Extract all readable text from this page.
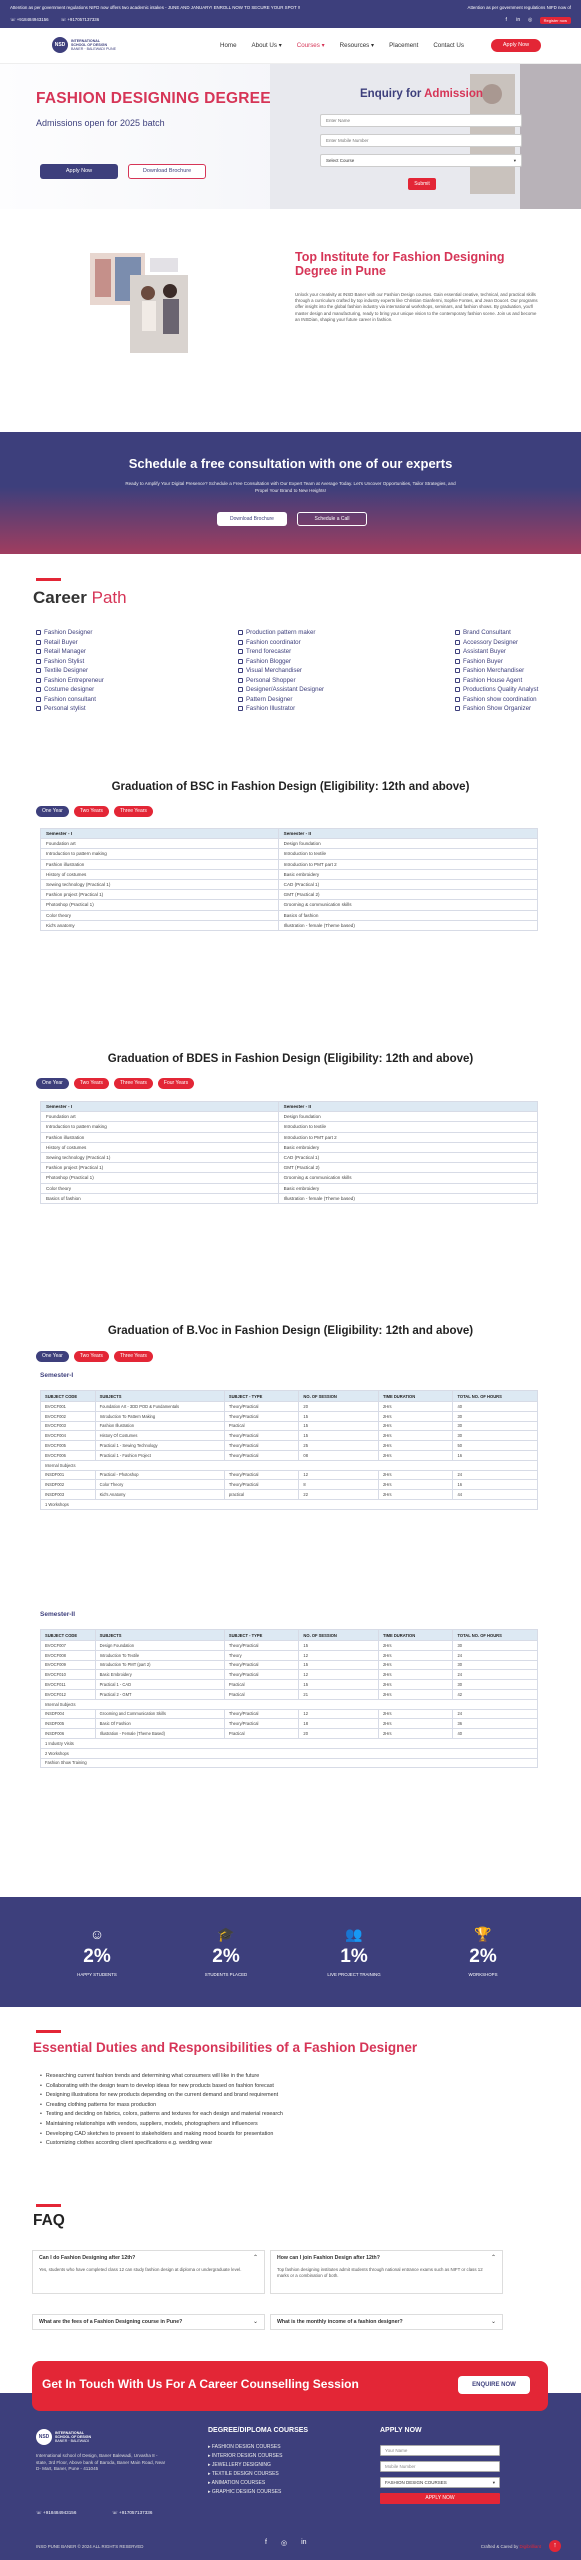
Attention as per government regulations NIFD now offers two academic intakes - JUNE AND JANUARY! ENROLL NOW TO SECURE YOUR SPOT !!	Attention as per government regulations NIFD now of
☏ +918484943156	☏ +917057137336	f	in	◎	Register now
NSD
INTERNATIONAL
SCHOOL OF DESIGN
BANER · BALEWADI PUNE
Home About Us ▾ Courses ▾ Resources ▾ Placement Contact Us	Apply Now
FASHION DESIGNING DEGREE
Admissions open for 2025 batch
Apply Now	Download Brochure
Enquiry for Admission
Enter Name
Enter Mobile Number
Select Course	▾
Submit
Top Institute for Fashion Designing Degree in Pune

Unlock your creativity at INSD Baner with our Fashion Design courses. Gain essential creative, technical, and practical skills through a curriculum crafted by top industry experts like Christian Gianfermi, Sophie Fontes, and Jean Doucet. Our programs offer insight into the global fashion industry via international workshops, seminars, and fashion shows. By graduation, you'll master design and manufacturing, ready to bring your unique vision to the contemporary fashion scene. Join us and become an INSDian, shaping your future career in fashion.

Schedule a free consultation with one of our experts

Ready to Amplify Your Digital Presence? Schedule a Free Consultation with Our Expert Team at Average Today. Let's Uncover Opportunities, Tailor Strategies, and Propel Your Brand to New Heights!

Download Brochure	Schedule a Call
Career Path
Fashion Designer
Retail Buyer
Retail Manager
Fashion Stylist
Textile Designer
Fashion Entrepreneur
Costume designer
Fashion consultant
Personal stylist
Production pattern maker
Fashion coordinator
Trend forecaster
Fashion Blogger
Visual Merchandiser
Personal Shopper
Designer/Assistant Designer
Pattern Designer
Fashion Illustrator
Brand Consultant
Accessory Designer
Assistant Buyer
Fashion Buyer
Fashion Merchandiser
Fashion House Agent
Productions Quality Analyst
Fashion show coordination
Fashion Show Organizer
Graduation of BSC in Fashion Design (Eligibility: 12th and above)
One Year	Two Years	Three Years
Semester - I	Semester - II
Foundation art	Design foundation
Introduction to pattern making	Introduction to textile
Fashion illustration	Introduction to PMT part 2
History of costumes	Basic embroidery
Sewing technology (Practical 1)	CAD (Practical 1)
Fashion project (Practical 1)	GMT (Practical 2)
Photoshop (Practical 1)	Grooming & communication skills
Color theory	Basics of fashion
Kid's anatomy	Illustration - female (Theme based)
Graduation of BDES in Fashion Design (Eligibility: 12th and above)
One Year	Two Years	Three Years	Four Years
Semester - I	Semester - II
Foundation art	Design foundation
Introduction to pattern making	Introduction to textile
Fashion illustration	Introduction to PMT part 2
History of costumes	Basic embroidery
Sewing technology (Practical 1)	CAD (Practical 1)
Fashion project (Practical 1)	GMT (Practical 2)
Photoshop (Practical 1)	Grooming & communication skills
Color theory	Basic embroidery
Basics of fashion	Illustration - female (Theme based)
Graduation of B.Voc in Fashion Design (Eligibility: 12th and above)
One Year	Two Years	Three Years
Semester-I
SUBJECT CODE	SUBJECTS	SUBJECT - TYPE	NO. OF SESSION	TIME DURATION	TOTAL NO. OF HOURS
BVOCF001	Foundation Art - 3DD POD & Fundamentals	Theory/Practical	20	2Hrs	40
BVOCF002	Introduction To Pattern Making	Theory/Practical	15	2Hrs	30
BVOCF003	Fashion Illustration	Practical	15	2Hrs	30
BVOCF004	History Of Costumes	Theory/Practical	15	2Hrs	30
BVOCF005	Practical 1 - Sewing Technology	Theory/Practical	25	2Hrs	50
BVOCF006	Practical 1 - Fashion Project	Theory/Practical	08	2Hrs	16
Internal Subjects					
INSDF001	Practical - Photoshop	Theory/Practical	12	2Hrs	24
INSDF002	Color Theory	Theory/Practical	8	2Hrs	16
INSDF003	Kid's Anatomy	practical	22	2Hrs	44
1 Workshops					
Semester-II
SUBJECT CODE	SUBJECTS	SUBJECT - TYPE	NO. OF SESSION	TIME DURATION	TOTAL NO. OF HOURS
BVOCF007	Design Foundation	Theory/Practical	15	2Hrs	30
BVOCF008	Introduction To Textile	Theory	12	2Hrs	24
BVOCF009	Introduction To PMT (part 2)	Theory/Practical	15	2Hrs	30
BVOCF010	Basic Embroidery	Theory/Practical	12	2Hrs	24
BVOCF011	Practical 1 - CAD	Practical	15	2Hrs	30
BVOCF012	Practical 2 - GMT	Practical	21	2Hrs	42
Internal Subjects					
INSDF004	Grooming and Communication Skills	Theory/Practical	12	2Hrs	24
INSDF005	Basic Of Fashion	Theory/Practical	18	2Hrs	36
INSDF006	Illustration - Female (Theme Based)	Practical	20	2Hrs	40
1 Industry Visits					
2 Workshops					
Fashion Show Training					
☺
2%
HAPPY STUDENTS
🎓
2%
STUDENTS PLACED
👥
1%
LIVE PROJECT TRAINING
🏆
2%
WORKSHOPS
Essential Duties and Responsibilities of a Fashion Designer
• Researching current fashion trends and determining what consumers will like in the future
• Collaborating with the design team to develop ideas for new products based on fashion forecast
• Designing illustrations for new products depending on the current demand and brand requirement
• Creating clothing patterns for mass production
• Testing and deciding on fabrics, colors, patterns and textures for each design and material research
• Maintaining relationships with vendors, suppliers, models, photographers and influencers
• Developing CAD sketches to present to stakeholders and making mood boards for presentation
• Customizing clothes according client specifications e.g. wedding wear
FAQ
Can I do Fashion Designing after 12th?	⌃
Yes, students who have completed class 12 can study fashion design at diploma or undergraduate level.
How can I join Fashion Design after 12th?	⌃
Top fashion designing institutes admit students through national entrance exams such as NIFT or class 12 marks or a combination of both.
What are the fees of a Fashion Designing course in Pune?	⌄	What is the monthly income of a fashion designer?	⌄
NSD
INTERNATIONAL
SCHOOL OF DESIGN
BANER · BALEWADI
International school of Design, Baner Balewadi, Urvasha 8 - state, 3rd Floor, Above bank of Baroda, Baner Main Road, Near D- Mart, Baner, Pune - 411045
☏ +918484943156	☏ +917057137336
DEGREE/DIPLOMA COURSES
▸ FASHION DESIGN COURSES
▸ INTERIOR DESIGN COURSES
▸ JEWELLERY DESIGNING
▸ TEXTILE DESIGN COURSES
▸ ANIMATION COURSES
▸ GRAPHIC DESIGN COURSES
APPLY NOW
Your Name
Mobile Number
FASHION DESIGN COURSES	▾
APPLY NOW
INSD PUNE BANER © 2024 ALL RIGHTS RESERVED
f ◎ in
Crafted & Cared by Digibrilliant
Get In Touch With Us For A Career Counselling Session	ENQUIRE NOW
↑
